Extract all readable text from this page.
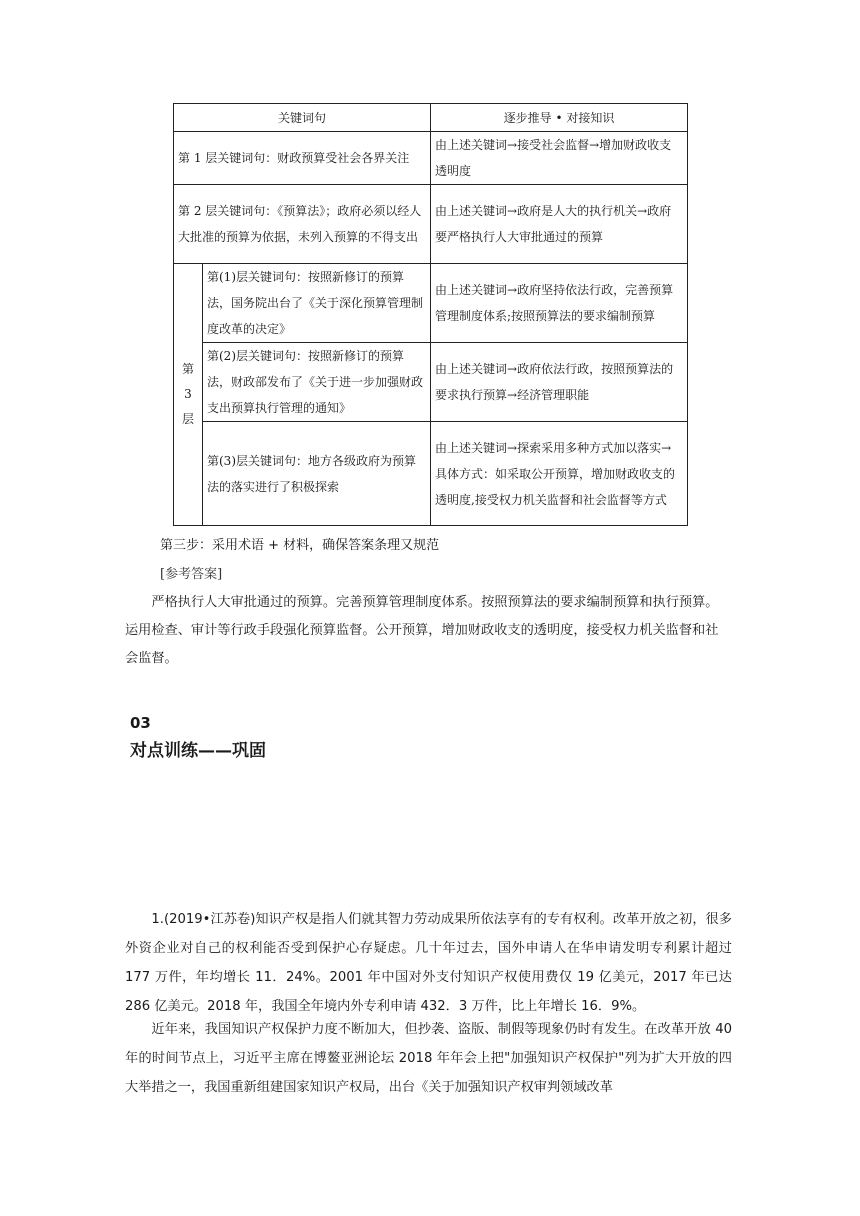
关键词句		逐步推导 • 对接知识
第 1 层关键词句：财政预算受社会各界关注		由上述关键词→接受社会监督→增加财政收支透明度
第 2 层关键词句：《预算法》；政府必须以经人大批准的预算为依据，未列入预算的不得支出		由上述关键词→政府是人大的执行机关→政府要严格执行人大审批通过的预算

第
3
层	第(1)层关键词句：按照新修订的预算法，国务院出台了《关于深化预算管理制度改革的决定》	由上述关键词→政府坚持依法行政，完善预算管理制度体系;按照预算法的要求编制预算
	第(2)层关键词句：按照新修订的预算法，财政部发布了《关于进一步加强财政支出预算执行管理的通知》	由上述关键词→政府依法行政，按照预算法的要求执行预算→经济管理职能
	第(3)层关键词句：地方各级政府为预算法的落实进行了积极探索	由上述关键词→探索采用多种方式加以落实→具体方式：如采取公开预算，增加财政收支的透明度,接受权力机关监督和社会监督等方式
第三步：采用术语 + 材料，确保答案条理又规范
[参考答案]
严格执行人大审批通过的预算。完善预算管理制度体系。按照预算法的要求编制预算和执行预算。运用检查、审计等行政手段强化预算监督。公开预算，增加财政收支的透明度，接受权力机关监督和社会监督。
03
对点训练——巩固
1.(2019•江苏卷)知识产权是指人们就其智力劳动成果所依法享有的专有权利。改革开放之初，很多外资企业对自己的权利能否受到保护心存疑虑。几十年过去，国外申请人在华申请发明专利累计超过 177 万件，年均增长 11．24%。2001 年中国对外支付知识产权使用费仅 19 亿美元，2017 年已达 286 亿美元。2018 年，我国全年境内外专利申请 432．3 万件，比上年增长 16．9%。
近年来，我国知识产权保护力度不断加大，但抄袭、盗版、制假等现象仍时有发生。在改革开放 40 年的时间节点上，习近平主席在博鳌亚洲论坛 2018 年年会上把"加强知识产权保护"列为扩大开放的四大举措之一，我国重新组建国家知识产权局，出台《关于加强知识产权审判领域改革
